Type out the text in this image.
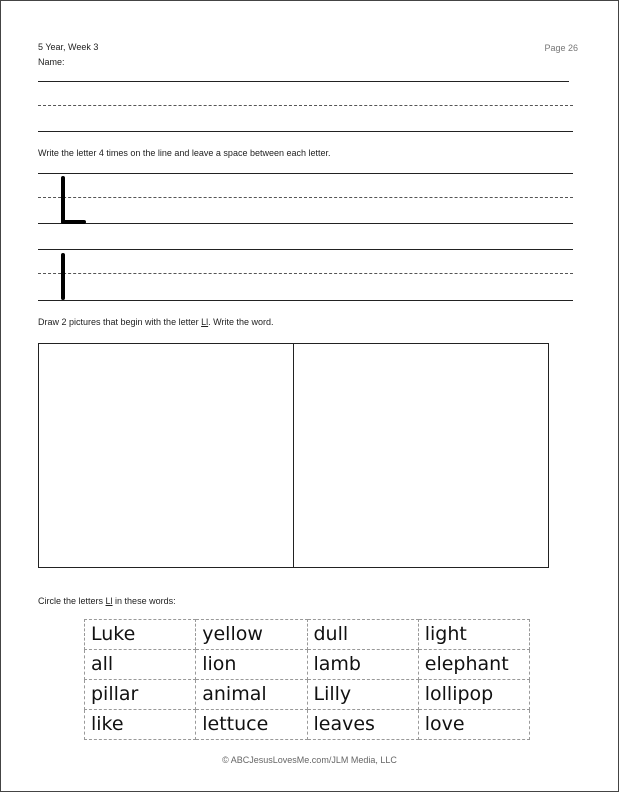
5 Year, Week 3	Page 26
Name:
Write the letter 4 times on the line and leave a space between each letter.
Draw 2 pictures that begin with the letter Ll. Write the word.
Circle the letters Ll in these words:
Luke	yellow	dull	light
all	lion	lamb	elephant
pillar	animal	Lilly	lollipop
like	lettuce	leaves	love
© ABCJesusLovesMe.com/JLM Media, LLC
